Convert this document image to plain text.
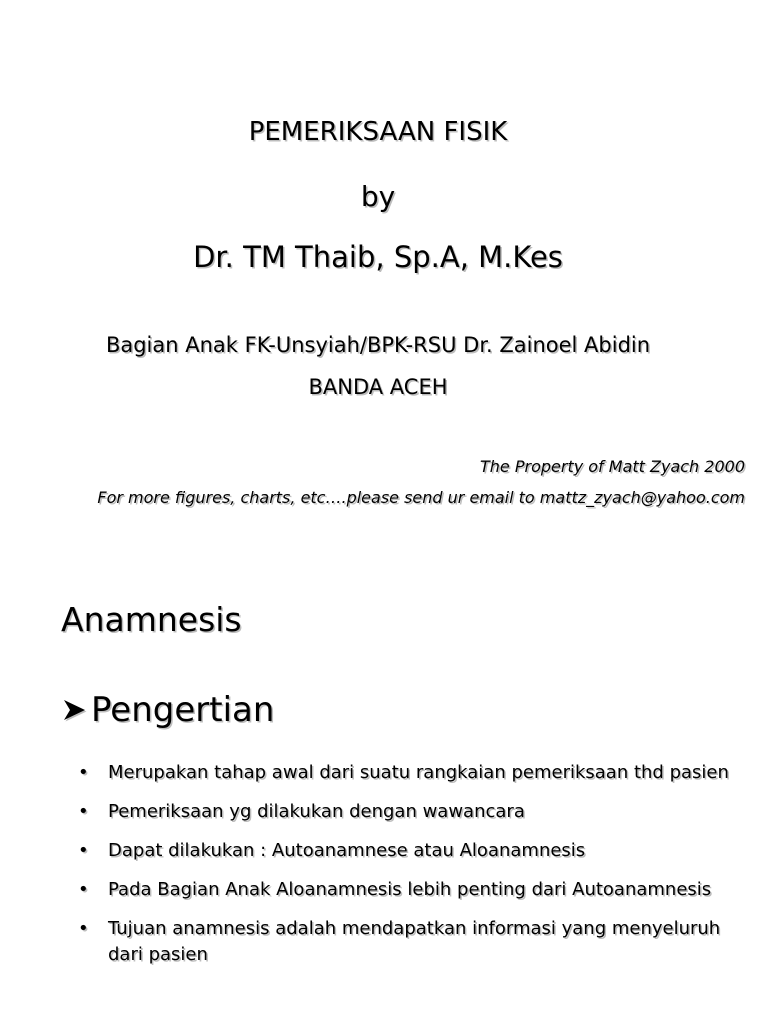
PEMERIKSAAN FISIK
by
Dr. TM Thaib, Sp.A, M.Kes
Bagian Anak FK-Unsyiah/BPK-RSU Dr. Zainoel Abidin
BANDA ACEH
The Property of Matt Zyach 2000
For more figures, charts, etc….please send ur email to mattz_zyach@yahoo.com
Anamnesis
Pengertian
• Merupakan tahap awal dari suatu rangkaian pemeriksaan thd pasien
• Pemeriksaan yg dilakukan dengan wawancara
• Dapat dilakukan : Autoanamnese atau Aloanamnesis
• Pada Bagian Anak Aloanamnesis lebih penting dari Autoanamnesis
• Tujuan anamnesis adalah mendapatkan informasi yang menyeluruh dari pasien
